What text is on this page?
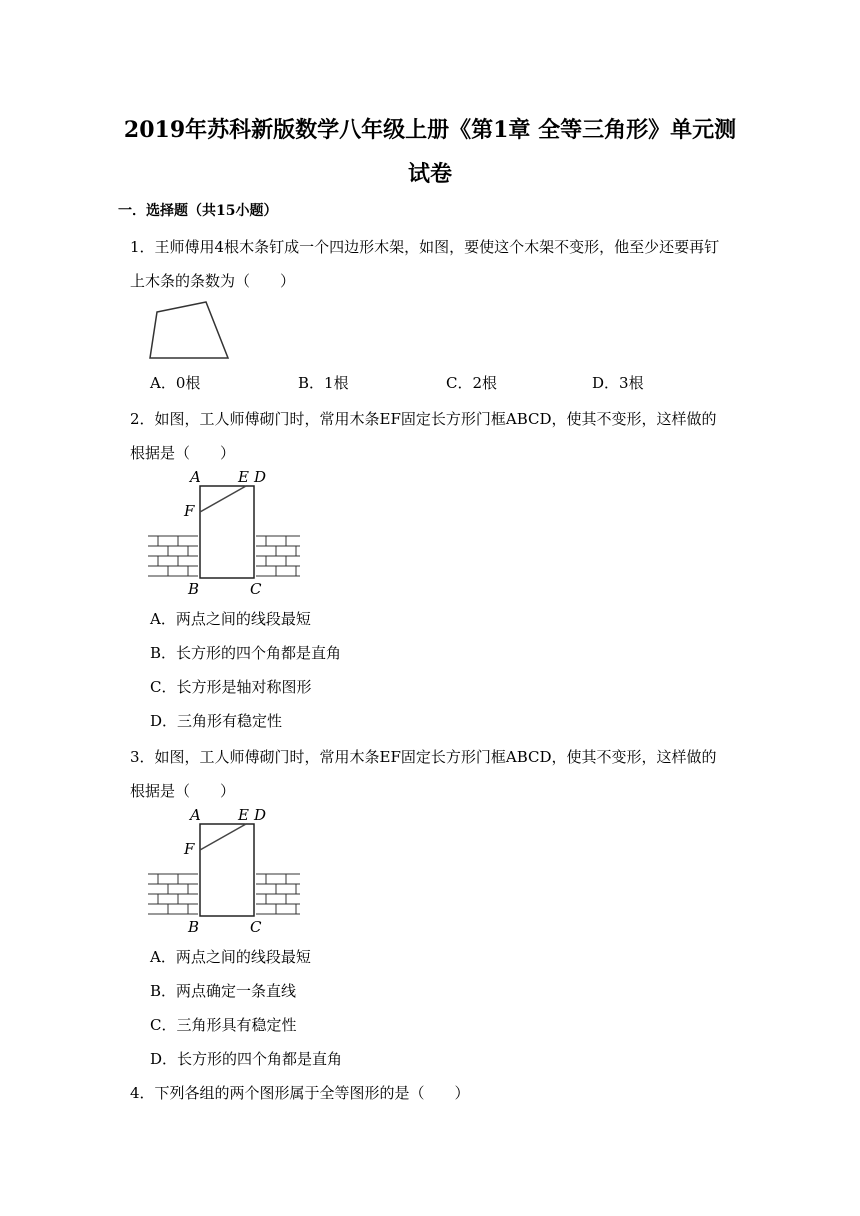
2019年苏科新版数学八年级上册《第1章 全等三角形》单元测
试卷
一．选择题（共15小题）
1．王师傅用4根木条钉成一个四边形木架，如图，要使这个木架不变形，他至少还要再钉上木条的条数为（　　）
A．0根	B．1根	C．2根	D．3根
2．如图，工人师傅砌门时，常用木条EF固定长方形门框ABCD，使其不变形，这样做的根据是（　　）
A E D
F
B	C
A．两点之间的线段最短
B．长方形的四个角都是直角
C．长方形是轴对称图形
D．三角形有稳定性
3．如图，工人师傅砌门时，常用木条EF固定长方形门框ABCD，使其不变形，这样做的根据是（　　）
A E D
F
B	C
A．两点之间的线段最短
B．两点确定一条直线
C．三角形具有稳定性
D．长方形的四个角都是直角
4．下列各组的两个图形属于全等图形的是（　　）
